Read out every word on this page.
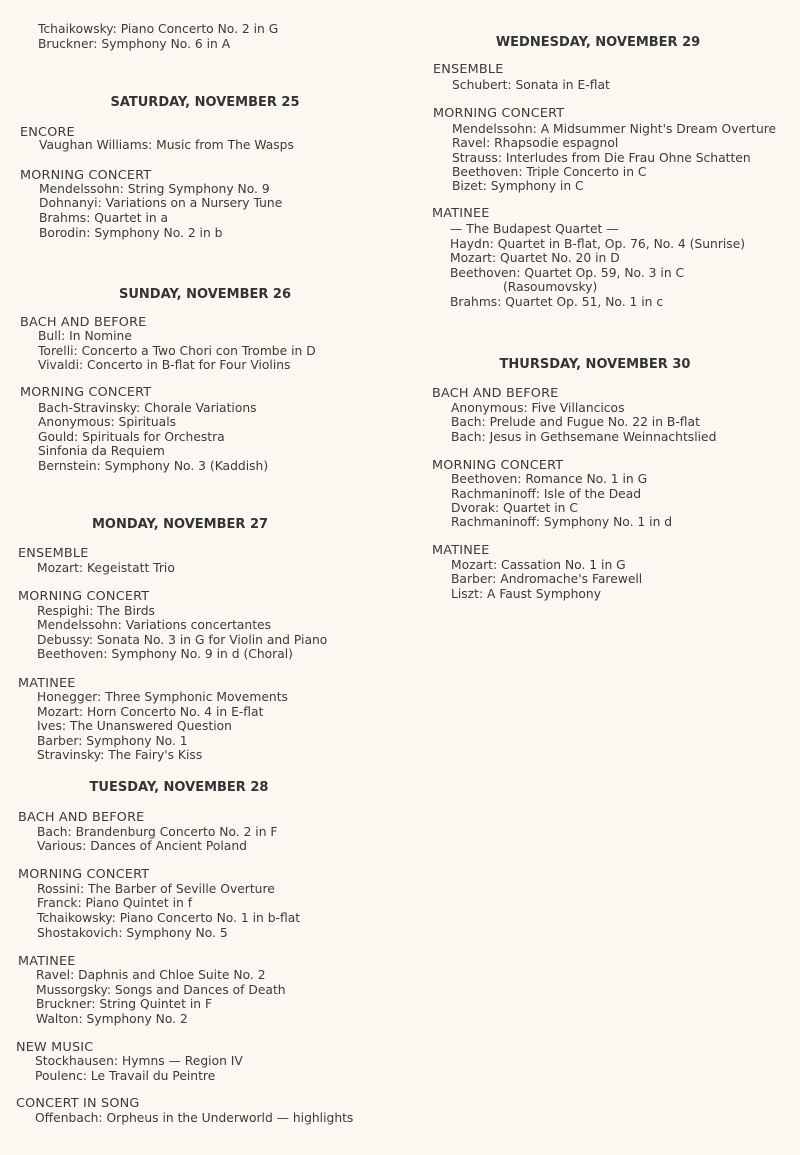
Tchaikowsky: Piano Concerto No. 2 in G
Bruckner: Symphony No. 6 in A
SATURDAY, NOVEMBER 25
ENCORE
Vaughan Williams: Music from The Wasps
MORNING CONCERT
Mendelssohn: String Symphony No. 9
Dohnanyi: Variations on a Nursery Tune
Brahms: Quartet in a
Borodin: Symphony No. 2 in b
SUNDAY, NOVEMBER 26
BACH AND BEFORE
Bull: In Nomine
Torelli: Concerto a Two Chori con Trombe in D
Vivaldi: Concerto in B-flat for Four Violins
MORNING CONCERT
Bach-Stravinsky: Chorale Variations
Anonymous: Spirituals
Gould: Spirituals for Orchestra
Sinfonia da Requiem
Bernstein: Symphony No. 3 (Kaddish)
MONDAY, NOVEMBER 27
ENSEMBLE
Mozart: Kegeistatt Trio
MORNING CONCERT
Respighi: The Birds
Mendelssohn: Variations concertantes
Debussy: Sonata No. 3 in G for Violin and Piano
Beethoven: Symphony No. 9 in d (Choral)
MATINEE
Honegger: Three Symphonic Movements
Mozart: Horn Concerto No. 4 in E-flat
Ives: The Unanswered Question
Barber: Symphony No. 1
Stravinsky: The Fairy's Kiss
TUESDAY, NOVEMBER 28
BACH AND BEFORE
Bach: Brandenburg Concerto No. 2 in F
Various: Dances of Ancient Poland
MORNING CONCERT
Rossini: The Barber of Seville Overture
Franck: Piano Quintet in f
Tchaikowsky: Piano Concerto No. 1 in b-flat
Shostakovich: Symphony No. 5
MATINEE
Ravel: Daphnis and Chloe Suite No. 2
Mussorgsky: Songs and Dances of Death
Bruckner: String Quintet in F
Walton: Symphony No. 2
NEW MUSIC
Stockhausen: Hymns — Region IV
Poulenc: Le Travail du Peintre
CONCERT IN SONG
Offenbach: Orpheus in the Underworld — highlights
WEDNESDAY, NOVEMBER 29
ENSEMBLE
Schubert: Sonata in E-flat
MORNING CONCERT
Mendelssohn: A Midsummer Night's Dream Overture
Ravel: Rhapsodie espagnol
Strauss: Interludes from Die Frau Ohne Schatten
Beethoven: Triple Concerto in C
Bizet: Symphony in C
MATINEE
— The Budapest Quartet —
Haydn: Quartet in B-flat, Op. 76, No. 4 (Sunrise)
Mozart: Quartet No. 20 in D
Beethoven: Quartet Op. 59, No. 3 in C
(Rasoumovsky)
Brahms: Quartet Op. 51, No. 1 in c
THURSDAY, NOVEMBER 30
BACH AND BEFORE
Anonymous: Five Villancicos
Bach: Prelude and Fugue No. 22 in B-flat
Bach: Jesus in Gethsemane Weinnachtslied
MORNING CONCERT
Beethoven: Romance No. 1 in G
Rachmaninoff: Isle of the Dead
Dvorak: Quartet in C
Rachmaninoff: Symphony No. 1 in d
MATINEE
Mozart: Cassation No. 1 in G
Barber: Andromache's Farewell
Liszt: A Faust Symphony
